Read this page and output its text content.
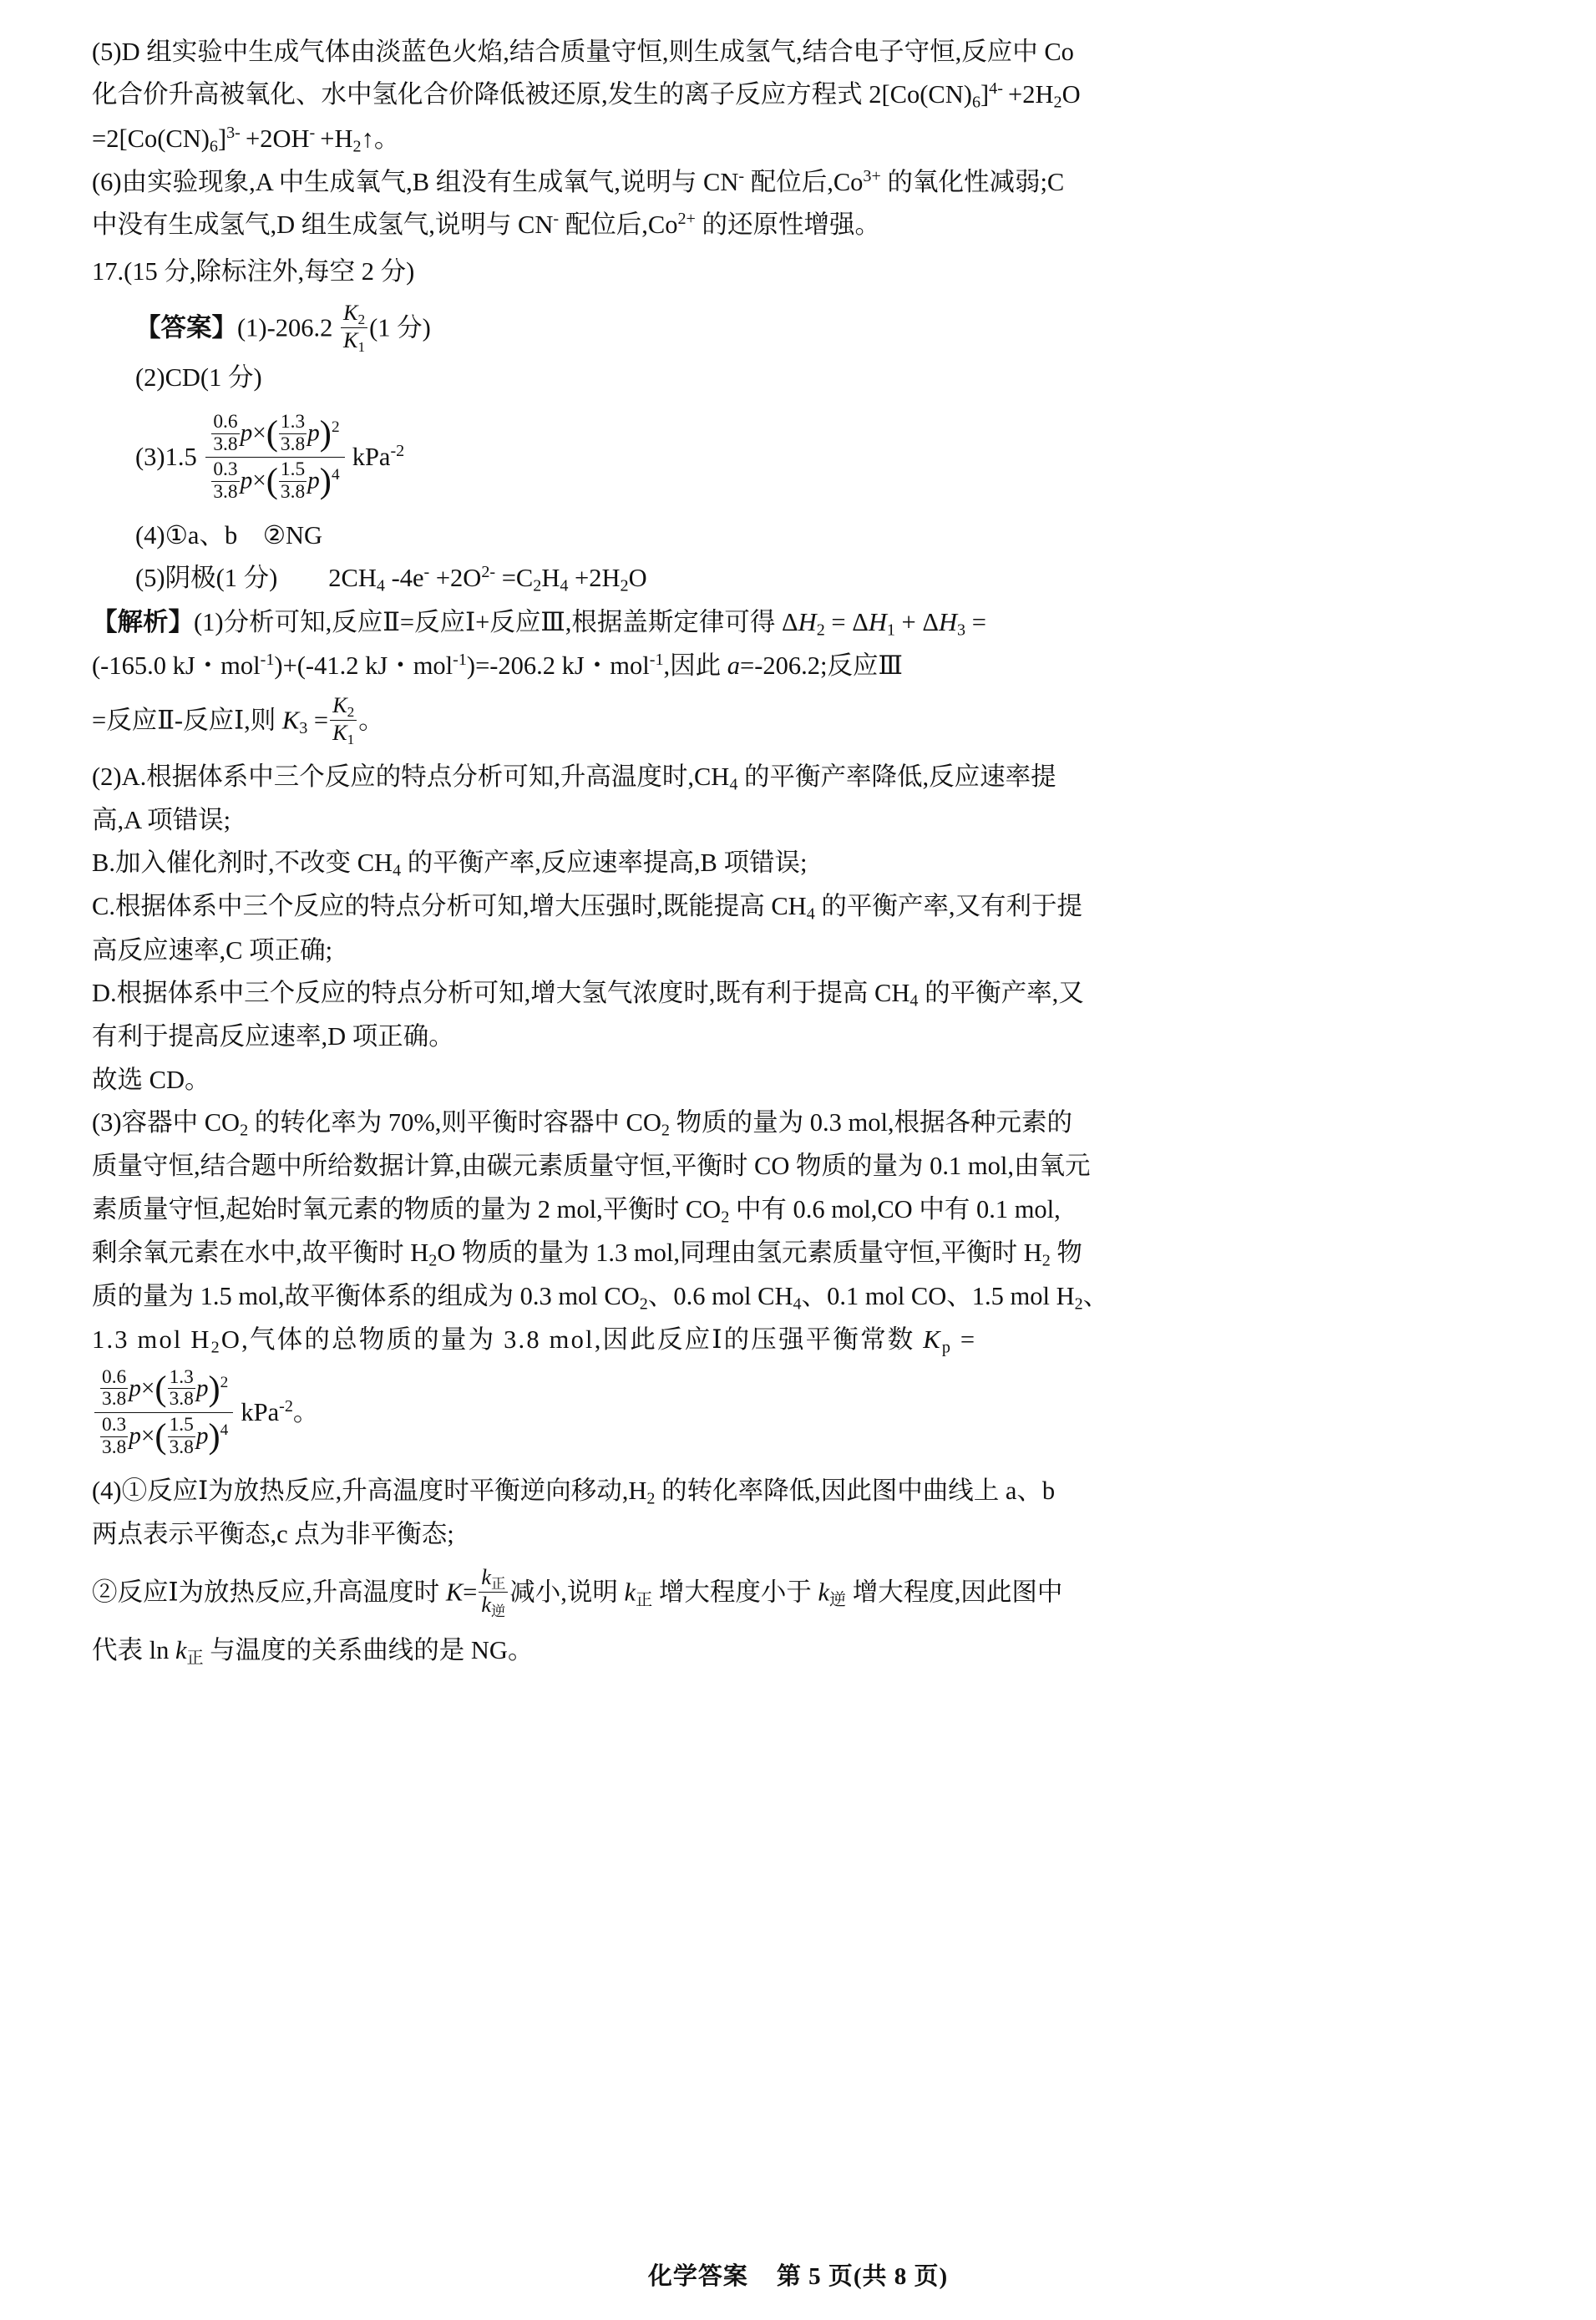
(5)D 组实验中生成气体由淡蓝色火焰,结合质量守恒,则生成氢气,结合电子守恒,反应中 Co

化合价升高被氧化、水中氢化合价降低被还原,发生的离子反应方程式 $2[Co(CN)_6]^{4-} +2H_2O$

$=2[Co(CN)_6]^{3-} +2OH^-$ $+H_2↑$。

(6)由实验现象,A 中生成氧气,B 组没有生成氧气,说明与 CN- 配位后$,Co^{3+}$ 的氧化性减弱;C

中没有生成氢气,D 组生成氢气,说明与 CN- 配位后$,Co^{2+}$ 的还原性增强。

17.(15 分,除标注外,每空 2 分)

【答案】(1)-206.2  $\frac{K_2}{K_1} (1$ 分)

(2)CD(1 分)

(3)1.5  $\frac{\frac{0.6}{3.8} p\times( \frac{1.3}{3.8} p)^2}{\frac{0.3}{3.8} p\times( \frac{1.5}{3.8} p)^4} kPa^{-2}$

(4)①a、b ②NG

(5)阴极(1 分)  $2CH_4$ $-4e^- +2O^{2-} =C_2H_4 +2H_2O$

【解析】(1)分析可知,反应Ⅱ=反应Ⅰ+反应Ⅲ,根据盖斯定律可得 $\Delta H_2 = \Delta H_1 + \Delta H_3$ =

(-165.0 kJ・mol$^{-1}$)+(-41.2 kJ・mol$^{-1}$)=-206.2 kJ・mol$^{-1}$,因此 a=-206.2;反应Ⅲ

=反应Ⅱ-反应Ⅰ,则 $K_3 = \frac{K_2}{K_1}$ 。

(2)A.根据体系中三个反应的特点分析可知,升高温度时$,CH_4$ 的平衡产率降低,反应速率提

高,A 项错误;

B.加入催化剂时,不改变 $CH_4$ 的平衡产率,反应速率提高,B 项错误;

C.根据体系中三个反应的特点分析可知,增大压强时,既能提高 $CH_4$ 的平衡产率,又有利于提

高反应速率,C 项正确;

D.根据体系中三个反应的特点分析可知,增大氢气浓度时,既有利于提高 $CH_4$ 的平衡产率,又

有利于提高反应速率,D 项正确。

故选 CD。

(3)容器中 $CO_2$ 的转化率为 70%,则平衡时容器中 $CO_2$ 物质的量为 0.3 mol,根据各种元素的

质量守恒,结合题中所给数据计算,由碳元素质量守恒,平衡时 CO 物质的量为 0.1 mol,由氧元

素质量守恒,起始时氧元素的物质的量为 2 mol,平衡时 $CO_2$ 中有 0.6 mol,CO 中有 0.1 mol,

剩余氧元素在水中,故平衡时 $H_2O$ 物质的量为 1.3 mol,同理由氢元素质量守恒,平衡时 $H_2$ 物

质的量为 1.5 mol,故平衡体系的组成为 0.3 mol $CO_2$、0.6 mol $CH_4$、0.1 mol CO、1.5 mol $H_2$、

1.3 mol $H_2O$,气体的总物质的量为 3.8 mol,因此反应Ⅰ的压强平衡常数 $K_p$ =

$\frac{\frac{0.6}{3.8} p\times( \frac{1.3}{3.8} p)^2}{\frac{0.3}{3.8} p\times( \frac{1.5}{3.8} p)^4} kPa^{-2}$。

(4)①反应Ⅰ为放热反应,升高温度时平衡逆向移动$,H_2$ 的转化率降低,因此图中曲线上 a、b

两点表示平衡态,c 点为非平衡态;

②反应Ⅰ为放热反应,升高温度时 $K= \frac{k_正}{k_逆}$ 减小,说明 $k_正$ 增大程度小于 $k_逆$ 增大程度,因此图中

代表 $\ln k_正$ 与温度的关系曲线的是 NG。

化学答案 第 5 页(共 8 页)
